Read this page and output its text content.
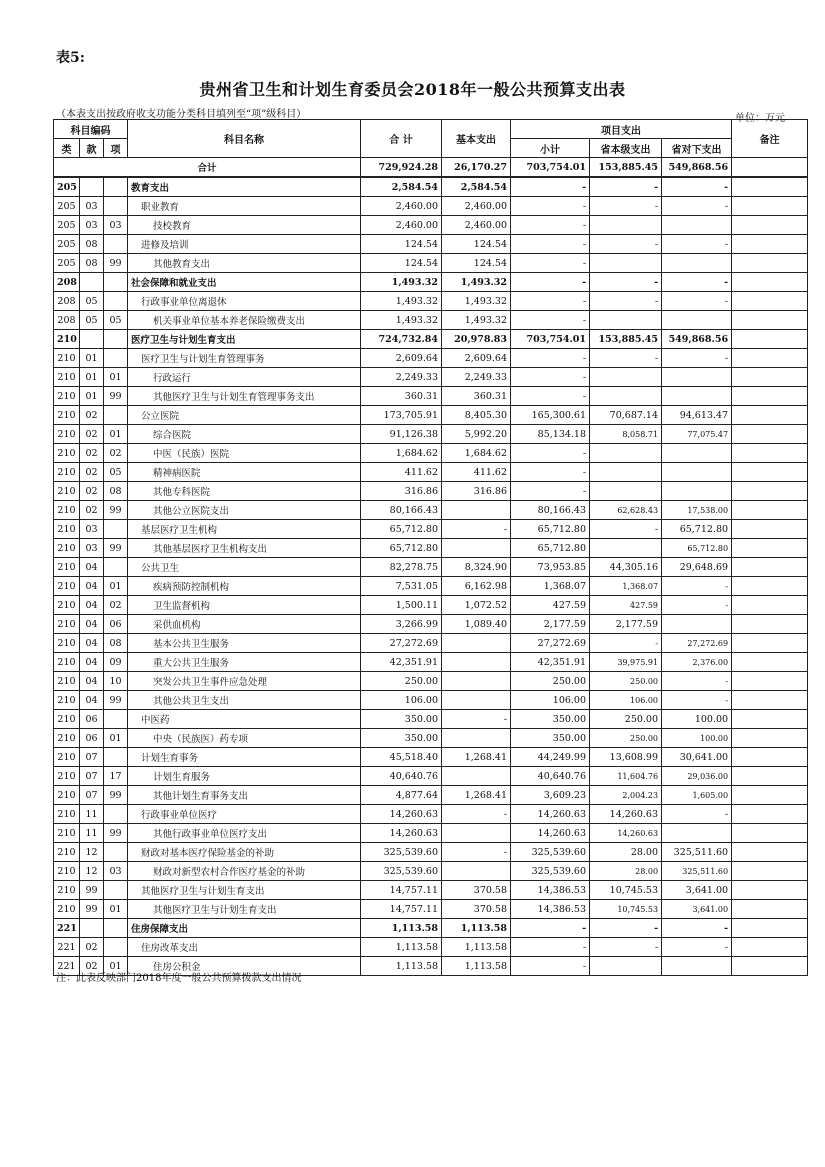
表5:
贵州省卫生和计划生育委员会2018年一般公共预算支出表
（本表支出按政府收支功能分类科目填列至“项”级科目）	单位：万元
科目编码			科目名称	合 计	基本支出	项目支出			备注
类	款	项				小计	省本级支出	省对下支出	
合计				729,924.28	26,170.27	703,754.01	153,885.45	549,868.56	
205			教育支出	2,584.54	2,584.54	-	-	-	
205	03		职业教育	2,460.00	2,460.00	-	-	-	
205	03	03	技校教育	2,460.00	2,460.00	-			
205	08		进修及培训	124.54	124.54	-	-	-	
205	08	99	其他教育支出	124.54	124.54	-			
208			社会保障和就业支出	1,493.32	1,493.32	-	-	-	
208	05		行政事业单位离退休	1,493.32	1,493.32	-	-	-	
208	05	05	机关事业单位基本养老保险缴费支出	1,493.32	1,493.32	-			
210			医疗卫生与计划生育支出	724,732.84	20,978.83	703,754.01	153,885.45	549,868.56	
210	01		医疗卫生与计划生育管理事务	2,609.64	2,609.64	-	-	-	
210	01	01	行政运行	2,249.33	2,249.33	-			
210	01	99	其他医疗卫生与计划生育管理事务支出	360.31	360.31	-			
210	02		公立医院	173,705.91	8,405.30	165,300.61	70,687.14	94,613.47	
210	02	01	综合医院	91,126.38	5,992.20	85,134.18	8,058.71	77,075.47	
210	02	02	中医（民族）医院	1,684.62	1,684.62	-			
210	02	05	精神病医院	411.62	411.62	-			
210	02	08	其他专科医院	316.86	316.86	-			
210	02	99	其他公立医院支出	80,166.43		80,166.43	62,628.43	17,538.00	
210	03		基层医疗卫生机构	65,712.80	-	65,712.80	-	65,712.80	
210	03	99	其他基层医疗卫生机构支出	65,712.80		65,712.80		65,712.80	
210	04		公共卫生	82,278.75	8,324.90	73,953.85	44,305.16	29,648.69	
210	04	01	疾病预防控制机构	7,531.05	6,162.98	1,368.07	1,368.07	-	
210	04	02	卫生监督机构	1,500.11	1,072.52	427.59	427.59	-	
210	04	06	采供血机构	3,266.99	1,089.40	2,177.59	2,177.59		
210	04	08	基本公共卫生服务	27,272.69		27,272.69	-	27,272.69	
210	04	09	重大公共卫生服务	42,351.91		42,351.91	39,975.91	2,376.00	
210	04	10	突发公共卫生事件应急处理	250.00		250.00	250.00	-	
210	04	99	其他公共卫生支出	106.00		106.00	106.00	-	
210	06		中医药	350.00	-	350.00	250.00	100.00	
210	06	01	中央（民族医）药专项	350.00		350.00	250.00	100.00	
210	07		计划生育事务	45,518.40	1,268.41	44,249.99	13,608.99	30,641.00	
210	07	17	计划生育服务	40,640.76		40,640.76	11,604.76	29,036.00	
210	07	99	其他计划生育事务支出	4,877.64	1,268.41	3,609.23	2,004.23	1,605.00	
210	11		行政事业单位医疗	14,260.63	-	14,260.63	14,260.63	-	
210	11	99	其他行政事业单位医疗支出	14,260.63		14,260.63	14,260.63		
210	12		财政对基本医疗保险基金的补助	325,539.60	-	325,539.60	28.00	325,511.60	
210	12	03	财政对新型农村合作医疗基金的补助	325,539.60		325,539.60	28.00	325,511.60	
210	99		其他医疗卫生与计划生育支出	14,757.11	370.58	14,386.53	10,745.53	3,641.00	
210	99	01	其他医疗卫生与计划生育支出	14,757.11	370.58	14,386.53	10,745.53	3,641.00	
221			住房保障支出	1,113.58	1,113.58	-	-	-	
221	02		住房改革支出	1,113.58	1,113.58	-	-	-	
221	02	01	住房公积金	1,113.58	1,113.58	-			
注：此表反映部门2018年度一般公共预算拨款支出情况
